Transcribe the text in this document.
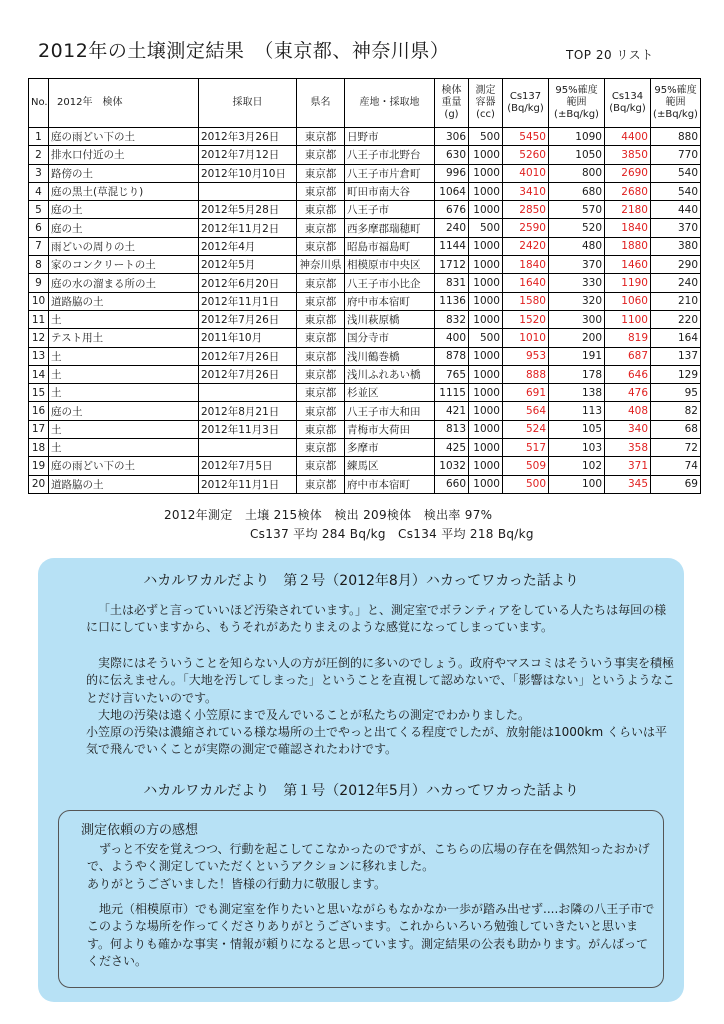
2012年の土壌測定結果　（東京都、神奈川県）	TOP 20 リスト
No.	2012年 検体	採取日	県名	産地・採取地	検体重量(g)	測定容器(cc)	Cs137 (Bq/kg)	95%確度範囲 (±Bq/kg)	Cs134 (Bq/kg)	95%確度範囲 (±Bq/kg)
1	庭の雨どい下の土	2012年3月26日	東京都	日野市	306	500	5450	1090	4400	880
2	排水口付近の土	2012年7月12日	東京都	八王子市北野台	630	1000	5260	1050	3850	770
3	路傍の土	2012年10月10日	東京都	八王子市片倉町	996	1000	4010	800	2690	540
4	庭の黒土(草混じり)		東京都	町田市南大谷	1064	1000	3410	680	2680	540
5	庭の土	2012年5月28日	東京都	八王子市	676	1000	2850	570	2180	440
6	庭の土	2012年11月2日	東京都	西多摩郡瑞穂町	240	500	2590	520	1840	370
7	雨どいの周りの土	2012年4月	東京都	昭島市福島町	1144	1000	2420	480	1880	380
8	家のコンクリートの土	2012年5月	神奈川県	相模原市中央区	1712	1000	1840	370	1460	290
9	庭の水の溜まる所の土	2012年6月20日	東京都	八王子市小比企	831	1000	1640	330	1190	240
10	道路脇の土	2012年11月1日	東京都	府中市本宿町	1136	1000	1580	320	1060	210
11	土	2012年7月26日	東京都	浅川萩原橋	832	1000	1520	300	1100	220
12	テスト用土	2011年10月	東京都	国分寺市	400	500	1010	200	819	164
13	土	2012年7月26日	東京都	浅川鶴巻橋	878	1000	953	191	687	137
14	土	2012年7月26日	東京都	浅川ふれあい橋	765	1000	888	178	646	129
15	土		東京都	杉並区	1115	1000	691	138	476	95
16	庭の土	2012年8月21日	東京都	八王子市大和田	421	1000	564	113	408	82
17	土	2012年11月3日	東京都	青梅市大荷田	813	1000	524	105	340	68
18	土		東京都	多摩市	425	1000	517	103	358	72
19	庭の雨どい下の土	2012年7月5日	東京都	練馬区	1032	1000	509	102	371	74
20	道路脇の土	2012年11月1日	東京都	府中市本宿町	660	1000	500	100	345	69
2012年測定　土壌 215検体　検出 209検体　検出率 97%
Cs137 平均 284 Bq/kg　Cs134 平均 218 Bq/kg
ハカルワカルだより　第２号（2012年8月）ハカってワカった話より
「土は必ずと言っていいほど汚染されています。」と、測定室でボランティアをしている人たちは毎回の様に口にしていますから、もうそれがあたりまえのような感覚になってしまっています。
実際にはそういうことを知らない人の方が圧倒的に多いのでしょう。政府やマスコミはそういう事実を積極的に伝えません。「大地を汚してしまった」ということを直視して認めないで、「影響はない」というようなことだけ言いたいのです。
大地の汚染は遠く小笠原にまで及んでいることが私たちの測定でわかりました。
小笠原の汚染は濃縮されている様な場所の土でやっと出てくる程度でしたが、放射能は1000km くらいは平気で飛んでいくことが実際の測定で確認されたわけです。
ハカルワカルだより　第１号（2012年5月）ハカってワカった話より
測定依頼の方の感想
ずっと不安を覚えつつ、行動を起こしてこなかったのですが、こちらの広場の存在を偶然知ったおかげで、ようやく測定していただくというアクションに移れました。
ありがとうございました！皆様の行動力に敬服します。
地元（相模原市）でも測定室を作りたいと思いながらもなかなか一歩が踏み出せず....お隣の八王子市でこのような場所を作ってくださりありがとうございます。これからいろいろ勉強していきたいと思います。何よりも確かな事実・情報が頼りになると思っています。測定結果の公表も助かります。がんばってください。
